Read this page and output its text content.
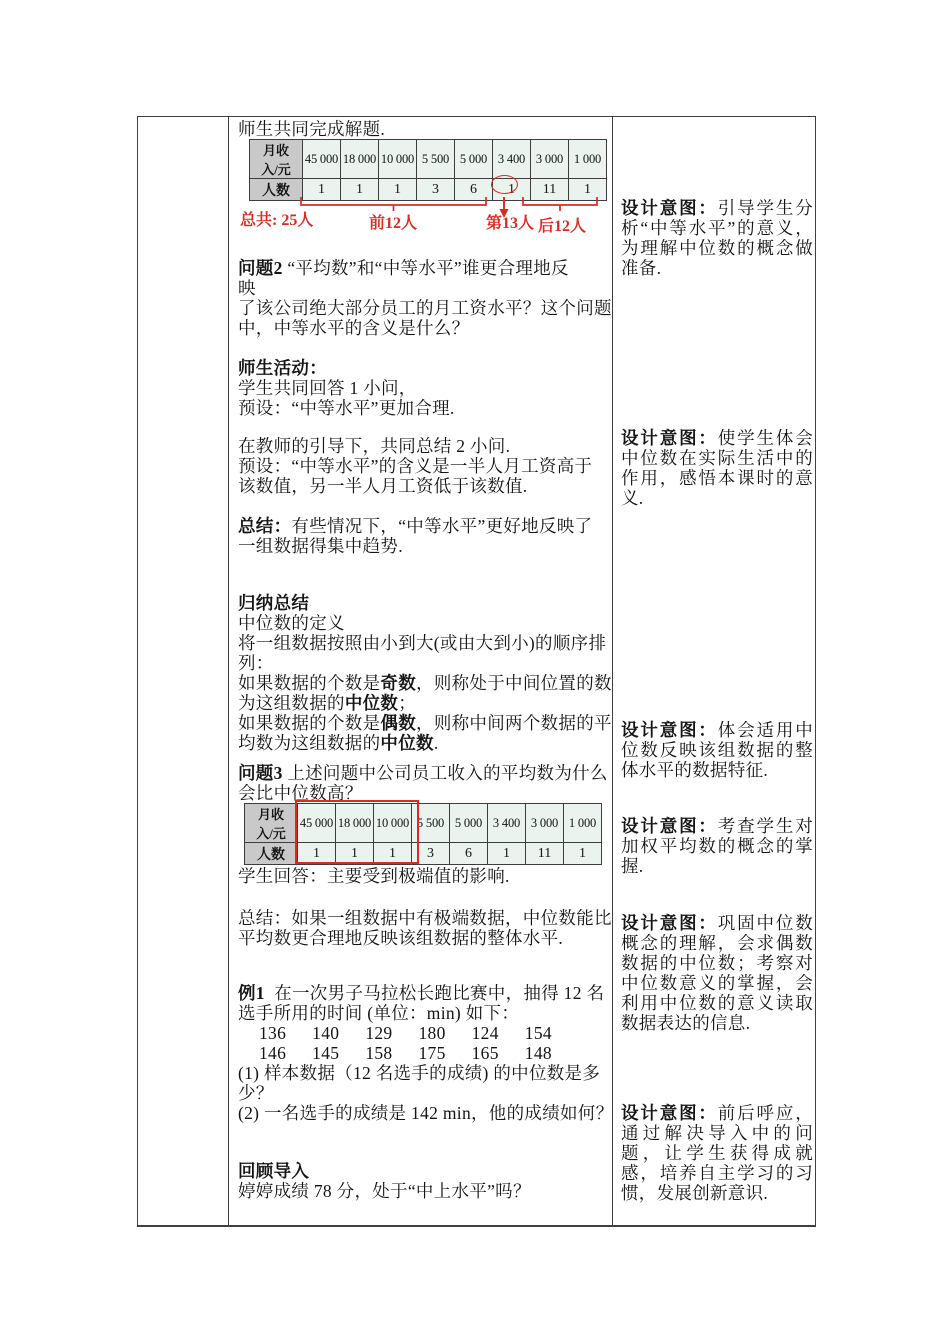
师生共同完成解题.
月收
入/元	45 000	18 000	10 000	5 500	5 000	3 400	3 000	1 000
人数	1	1	1	3	6	1	11	1
总共: 25人	前12人	第13人 后12人
问题2 “平均数”和“中等水平”谁更合理地反
映
了该公司绝大部分员工的月工资水平？这个问题
中，中等水平的含义是什么？
师生活动：
学生共同回答 1 小问，
预设：“中等水平”更加合理.
在教师的引导下，共同总结 2 小问.
预设：“中等水平”的含义是一半人月工资高于
该数值，另一半人月工资低于该数值.
总结：有些情况下，“中等水平”更好地反映了
一组数据得集中趋势.
归纳总结
中位数的定义
将一组数据按照由小到大(或由大到小)的顺序排
列：
如果数据的个数是奇数，则称处于中间位置的数
为这组数据的中位数；
如果数据的个数是偶数，则称中间两个数据的平
均数为这组数据的中位数.
问题3 上述问题中公司员工收入的平均数为什么
会比中位数高？
月收
入/元	45 000	18 000	10 000	5 500	5 000	3 400	3 000	1 000
人数	1	1	1	3	6	1	11	1
学生回答：主要受到极端值的影响.
总结：如果一组数据中有极端数据，中位数能比
平均数更合理地反映该组数据的整体水平.
例1  在一次男子马拉松长跑比赛中，抽得 12 名
选手所用的时间 (单位：min) 如下：
136 140 129 180 124 154
146 145 158 175 165 148
(1) 样本数据（12 名选手的成绩) 的中位数是多
少？
(2) 一名选手的成绩是 142 min，他的成绩如何？
回顾导入
婷婷成绩 78 分，处于“中上水平”吗？
设计意图：引导学生分析“中等水平”的意义，为理解中位数的概念做准备.
设计意图：使学生体会中位数在实际生活中的作用，感悟本课时的意义.
设计意图：体会适用中位数反映该组数据的整体水平的数据特征.
设计意图：考查学生对加权平均数的概念的掌握.
设计意图：巩固中位数概念的理解，会求偶数数据的中位数；考察对中位数意义的掌握，会利用中位数的意义读取数据表达的信息.
设计意图：前后呼应，通过解决导入中的问题，让学生获得成就感，培养自主学习的习惯，发展创新意识.
